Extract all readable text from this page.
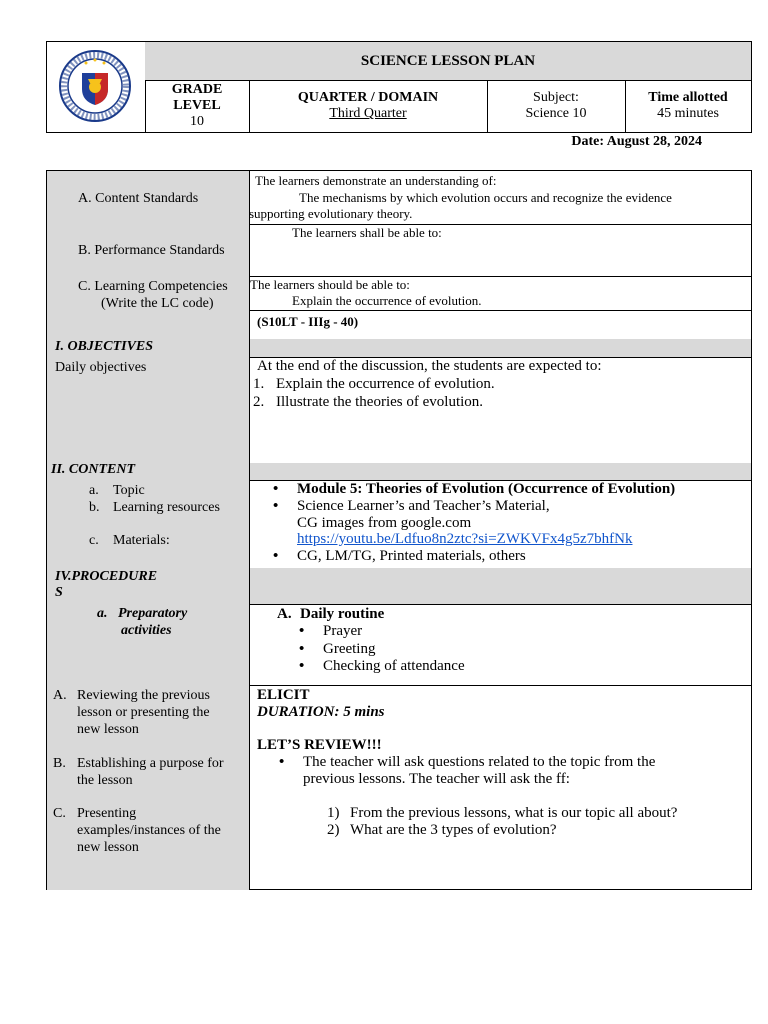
SCIENCE LESSON PLAN
GRADE
LEVEL
10
QUARTER / DOMAIN
Third Quarter
Subject:
Science 10
Time allotted
45 minutes
Date: August 28, 2024
A. Content Standards
The learners demonstrate an understanding of:
The mechanisms by which evolution occurs and recognize the evidence
supporting evolutionary theory.
B. Performance Standards
The learners shall be able to:
C. Learning Competencies
(Write the LC code)
The learners should be able to:
Explain the occurrence of evolution.
(S10LT - IIIg - 40)
I. OBJECTIVES
Daily objectives	At the end of the discussion, the students are expected to:
1. Explain the occurrence of evolution.
2. Illustrate the theories of evolution.
II. CONTENT
a. Topic
b. Learning resources
c. Materials:
• Module 5: Theories of Evolution (Occurrence of Evolution)
• Science Learner’s and Teacher’s Material,
CG images from google.com
https://youtu.be/Ldfuo8n2ztc?si=ZWKVFx4g5z7bhfNk
• CG, LM/TG, Printed materials, others
IV.PROCEDURE
S
a. Preparatory
activities
A. Daily routine
• Prayer
• Greeting
• Checking of attendance
A. Reviewing the previous
lesson or presenting the
new lesson
B. Establishing a purpose for
the lesson
C. Presenting
examples/instances of the
new lesson
ELICIT
DURATION: 5 mins
LET’S REVIEW!!!
• The teacher will ask questions related to the topic from the
previous lessons. The teacher will ask the ff:
1) From the previous lessons, what is our topic all about?
2) What are the 3 types of evolution?
